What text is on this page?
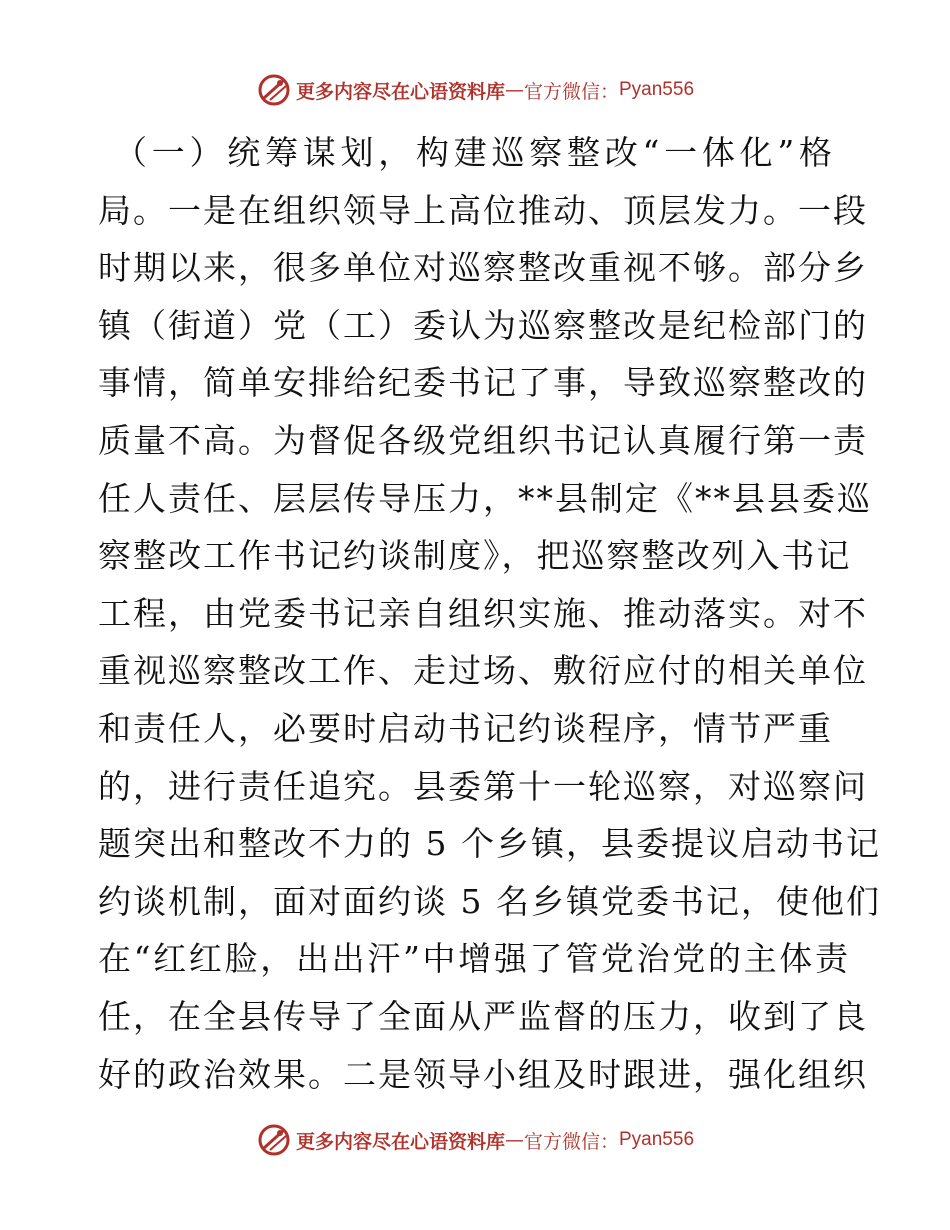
更多内容尽在心语资料库 — 官方微信： Pyan556
（一）统筹谋划，构建巡察整改“一体化”格
局。一是在组织领导上高位推动、顶层发力。一段
时期以来，很多单位对巡察整改重视不够。部分乡
镇（街道）党（工）委认为巡察整改是纪检部门的
事情，简单安排给纪委书记了事，导致巡察整改的
质量不高。为督促各级党组织书记认真履行第一责
任人责任、层层传导压力，**县制定《**县县委巡
察整改工作书记约谈制度》，把巡察整改列入书记
工程，由党委书记亲自组织实施、推动落实。对不
重视巡察整改工作、走过场、敷衍应付的相关单位
和责任人，必要时启动书记约谈程序，情节严重
的，进行责任追究。县委第十一轮巡察，对巡察问
题突出和整改不力的 5 个乡镇，县委提议启动书记
约谈机制，面对面约谈 5 名乡镇党委书记，使他们
在“红红脸，出出汗”中增强了管党治党的主体责
任，在全县传导了全面从严监督的压力，收到了良
好的政治效果。二是领导小组及时跟进，强化组织
更多内容尽在心语资料库 — 官方微信： Pyan556
